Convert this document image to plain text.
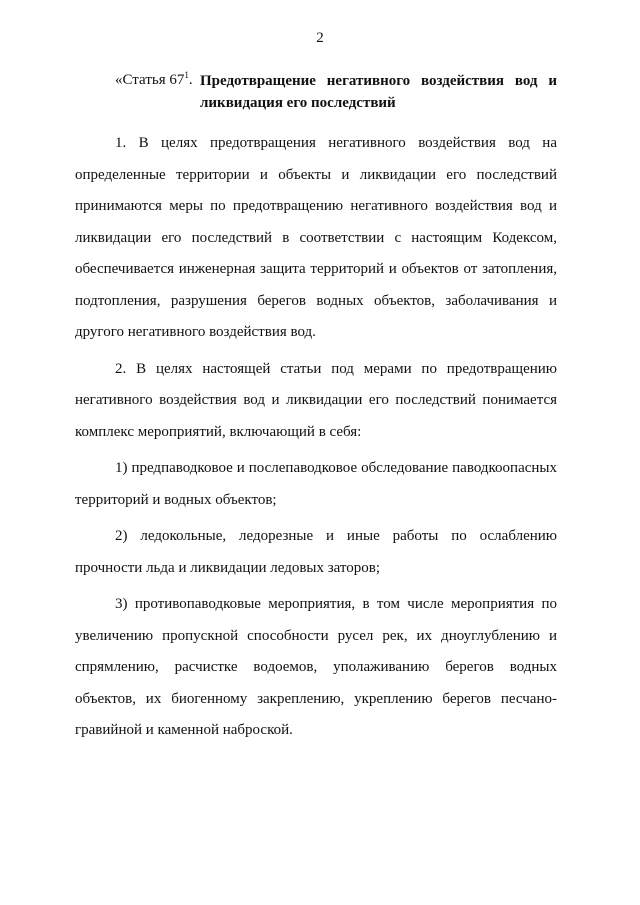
2
«Статья $67^1$. Предотвращение негативного воздействия вод и ликвидация его последствий

1. В целях предотвращения негативного воздействия вод на определенные территории и объекты и ликвидации его последствий принимаются меры по предотвращению негативного воздействия вод и ликвидации его последствий в соответствии с настоящим Кодексом, обеспечивается инженерная защита территорий и объектов от затопления, подтопления, разрушения берегов водных объектов, заболачивания и другого негативного воздействия вод.

2. В целях настоящей статьи под мерами по предотвращению негативного воздействия вод и ликвидации его последствий понимается комплекс мероприятий, включающий в себя:

1) предпаводковое и послепаводковое обследование паводкоопасных территорий и водных объектов;

2) ледокольные, ледорезные и иные работы по ослаблению прочности льда и ликвидации ледовых заторов;

3) противопаводковые мероприятия, в том числе мероприятия по увеличению пропускной способности русел рек, их дноуглублению и спрямлению, расчистке водоемов, уполаживанию берегов водных объектов, их биогенному закреплению, укреплению берегов песчано-гравийной и каменной наброской.
